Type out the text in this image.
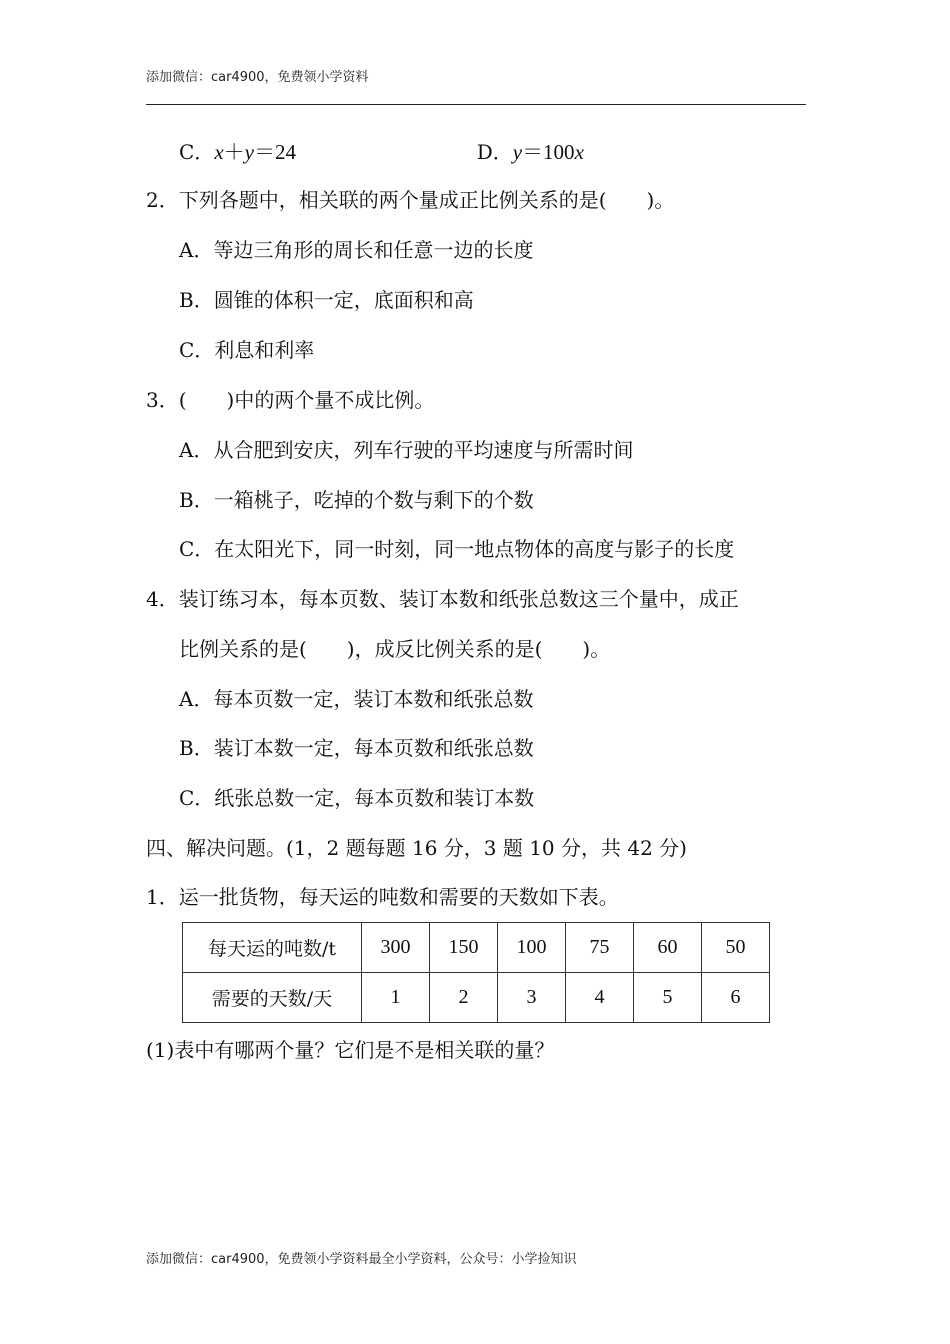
添加微信：car4900，免费领小学资料
C．x＋y＝24	D．y＝100x
2．下列各题中，相关联的两个量成正比例关系的是(　　)。
A．等边三角形的周长和任意一边的长度
B．圆锥的体积一定，底面积和高
C．利息和利率
3．(　　)中的两个量不成比例。
A．从合肥到安庆，列车行驶的平均速度与所需时间
B．一箱桃子，吃掉的个数与剩下的个数
C．在太阳光下，同一时刻，同一地点物体的高度与影子的长度
4．装订练习本，每本页数、装订本数和纸张总数这三个量中，成正
比例关系的是(　　)，成反比例关系的是(　　)。
A．每本页数一定，装订本数和纸张总数
B．装订本数一定，每本页数和纸张总数
C．纸张总数一定，每本页数和装订本数
四、解决问题。(1，2 题每题 16 分，3 题 10 分，共 42 分)
1．运一批货物，每天运的吨数和需要的天数如下表。
每天运的吨数/t	300	150	100	75	60	50
需要的天数/天	1	2	3	4	5	6
(1)表中有哪两个量？它们是不是相关联的量？
添加微信：car4900，免费领小学资料最全小学资料，公众号：小学捡知识
